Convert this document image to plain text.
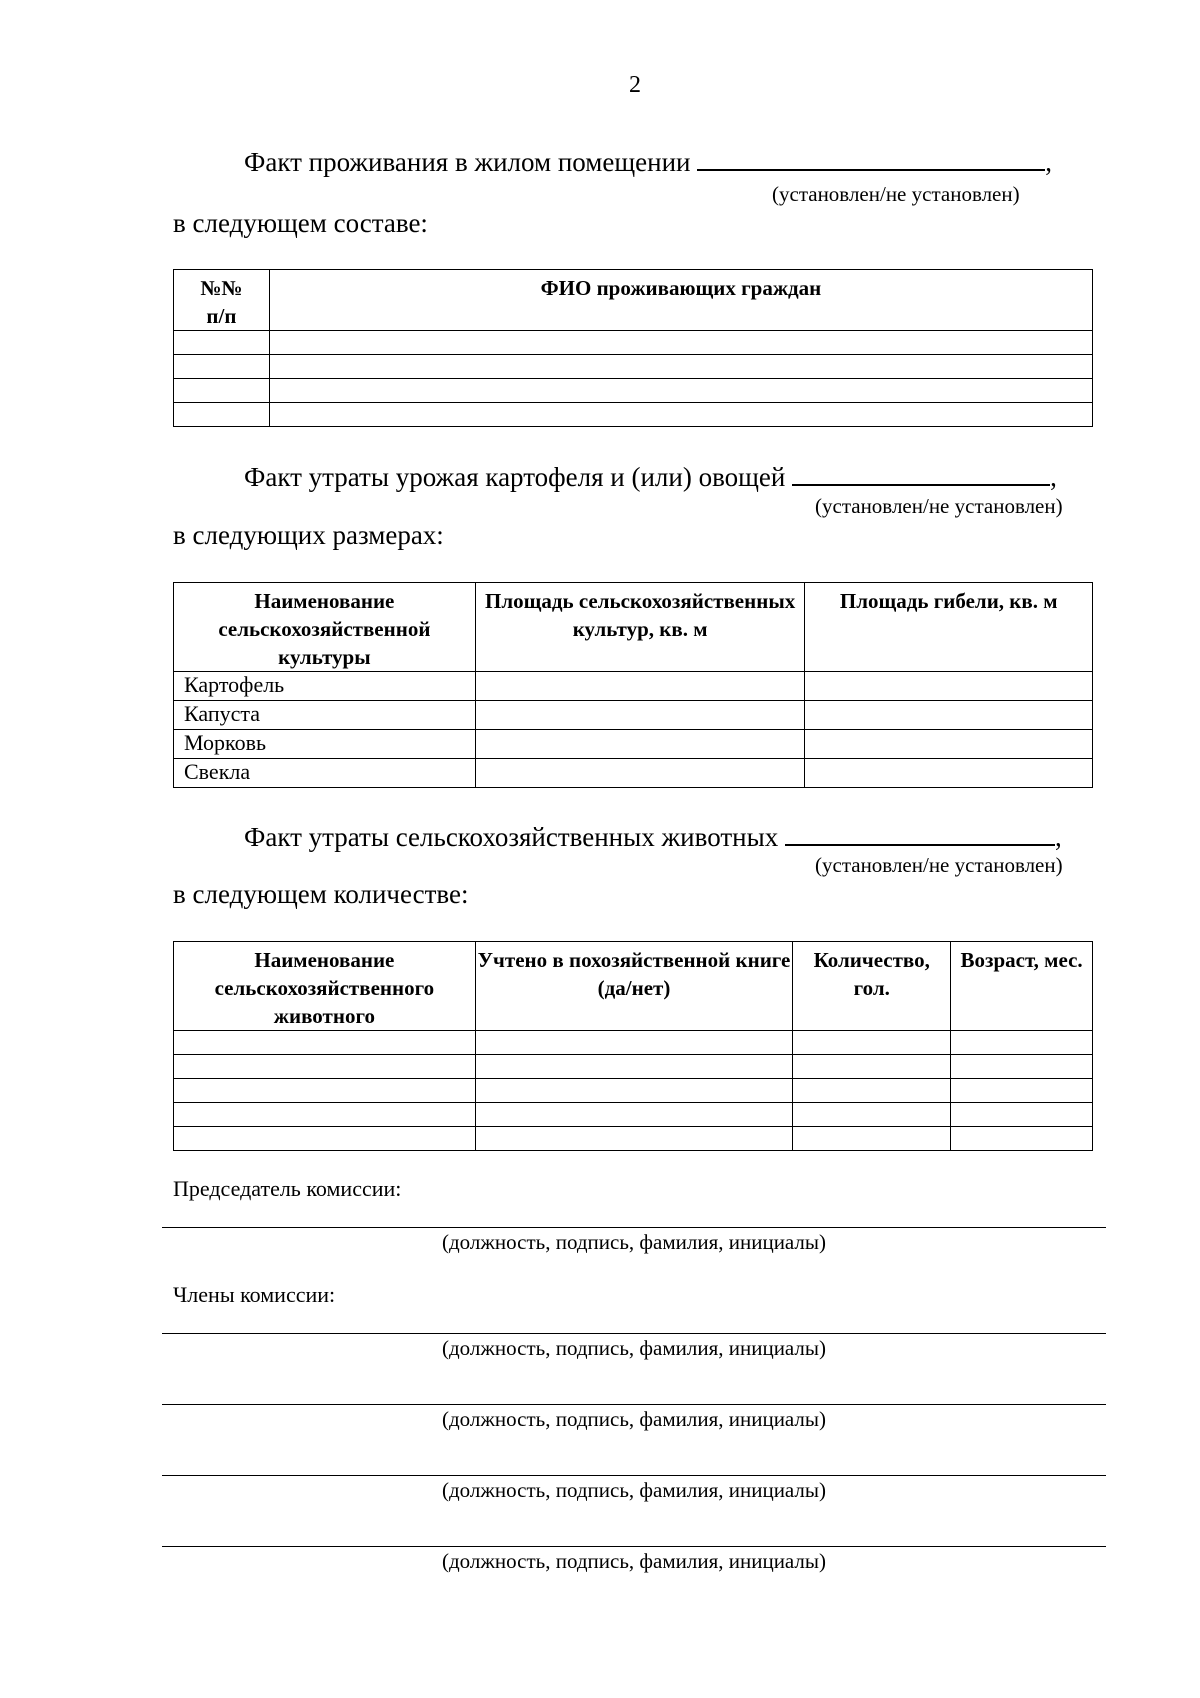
2
Факт проживания в жилом помещении	,
(установлен/не установлен)
в следующем составе:
№№
п/п	ФИО проживающих граждан

Факт утраты урожая картофеля и (или) овощей	,
(установлен/не установлен)
в следующих размерах:
Наименование сельскохозяйственной культуры	Площадь сельскохозяйственных культур, кв. м	Площадь гибели, кв. м
Картофель		
Капуста		
Морковь		
Свекла		
Факт утраты сельскохозяйственных животных	,
(установлен/не установлен)
в следующем количестве:
Наименование сельскохозяйственного животного	Учтено в похозяйственной книге (да/нет)	Количество, гол.	Возраст, мес.

Председатель комиссии:
(должность, подпись, фамилия, инициалы)
Члены комиссии:
(должность, подпись, фамилия, инициалы)
(должность, подпись, фамилия, инициалы)
(должность, подпись, фамилия, инициалы)
(должность, подпись, фамилия, инициалы)
